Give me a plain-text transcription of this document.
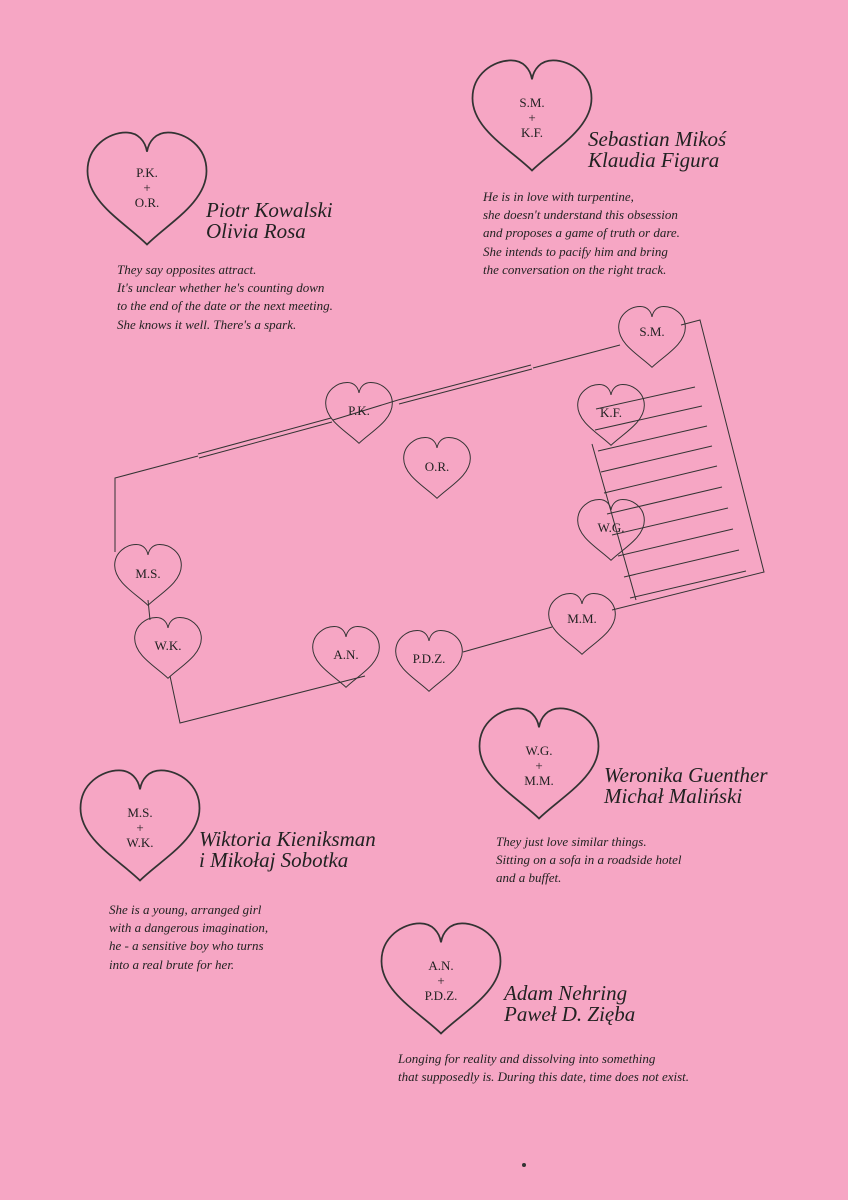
P.K.
+
O.R.
S.M.
+
K.F.
W.G.
+
M.M.
M.S.
+
W.K.
A.N.
+
P.D.Z.
Piotr Kowalski
Olivia Rosa
Sebastian Mikoś
Klaudia Figura
Weronika Guenther
Michał Maliński
Wiktoria Kieniksman
i Mikołaj Sobotka
Adam Nehring
Paweł D. Zięba
They say opposites attract.
It's unclear whether he's counting down
to the end of the date or the next meeting.
She knows it well. There's a spark.
He is in love with turpentine,
she doesn't understand this obsession
and proposes a game of truth or dare.
She intends to pacify him and bring
the conversation on the right track.
They just love similar things.
Sitting on a sofa in a roadside hotel
and a buffet.
She is a young, arranged girl
with a dangerous imagination,
he - a sensitive boy who turns
into a real brute for her.
Longing for reality and dissolving into something
that supposedly is. During this date, time does not exist.
P.K.
O.R.
S.M.
K.F.
W.G.
M.M.
P.D.Z.
A.N.
W.K.
M.S.
